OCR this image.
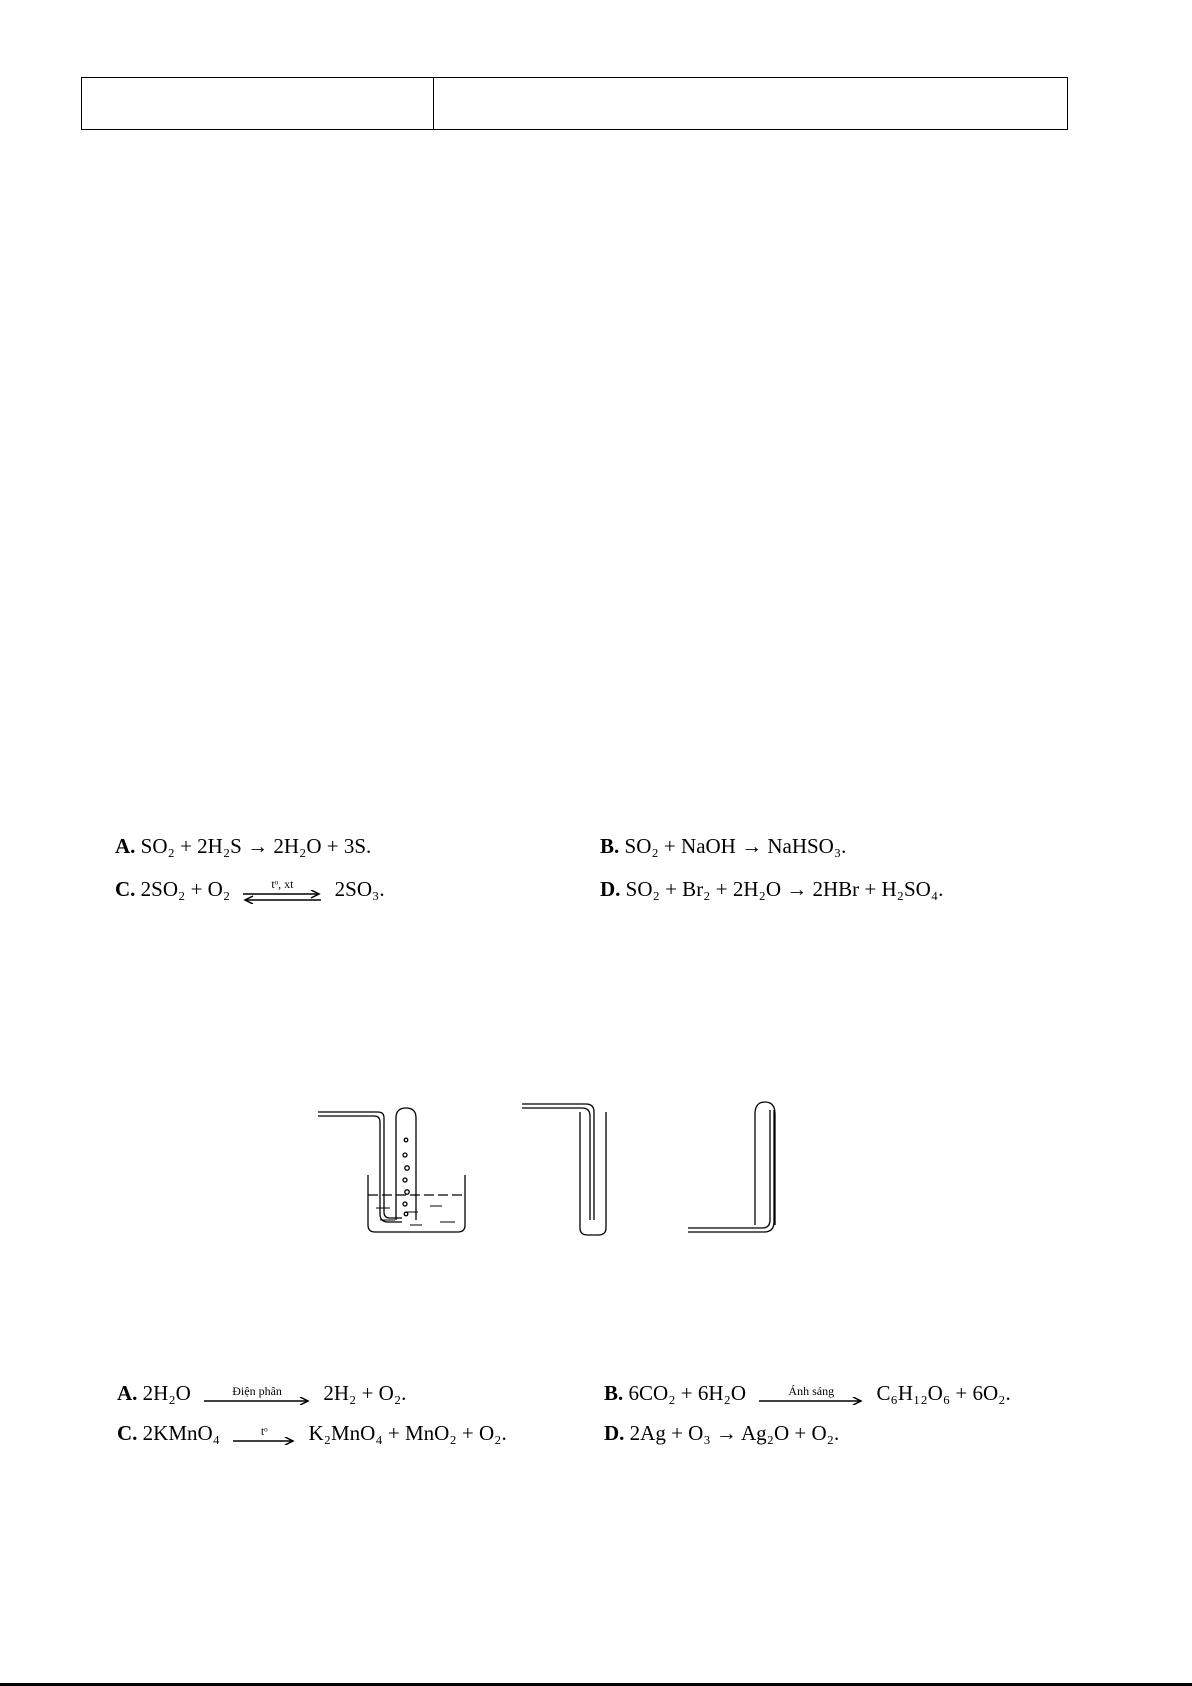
A. SO₂ + 2H₂S → 2H₂O + 3S.	B. SO₂ + NaOH → NaHSO₃.
C. 2SO₂ + O₂	tᵒ, xt	2SO₃.	D. SO₂ + Br₂ + 2H₂O → 2HBr + H₂SO₄.
A. 2H₂O	Điện phân	2H₂ + O₂.	B. 6CO₂ + 6H₂O	Ánh sáng	C₆H₁₂O₆ + 6O₂.
C. 2KMnO₄	tᵒ	K₂MnO₄ + MnO₂ + O₂.	D. 2Ag + O₃ → Ag₂O + O₂.
